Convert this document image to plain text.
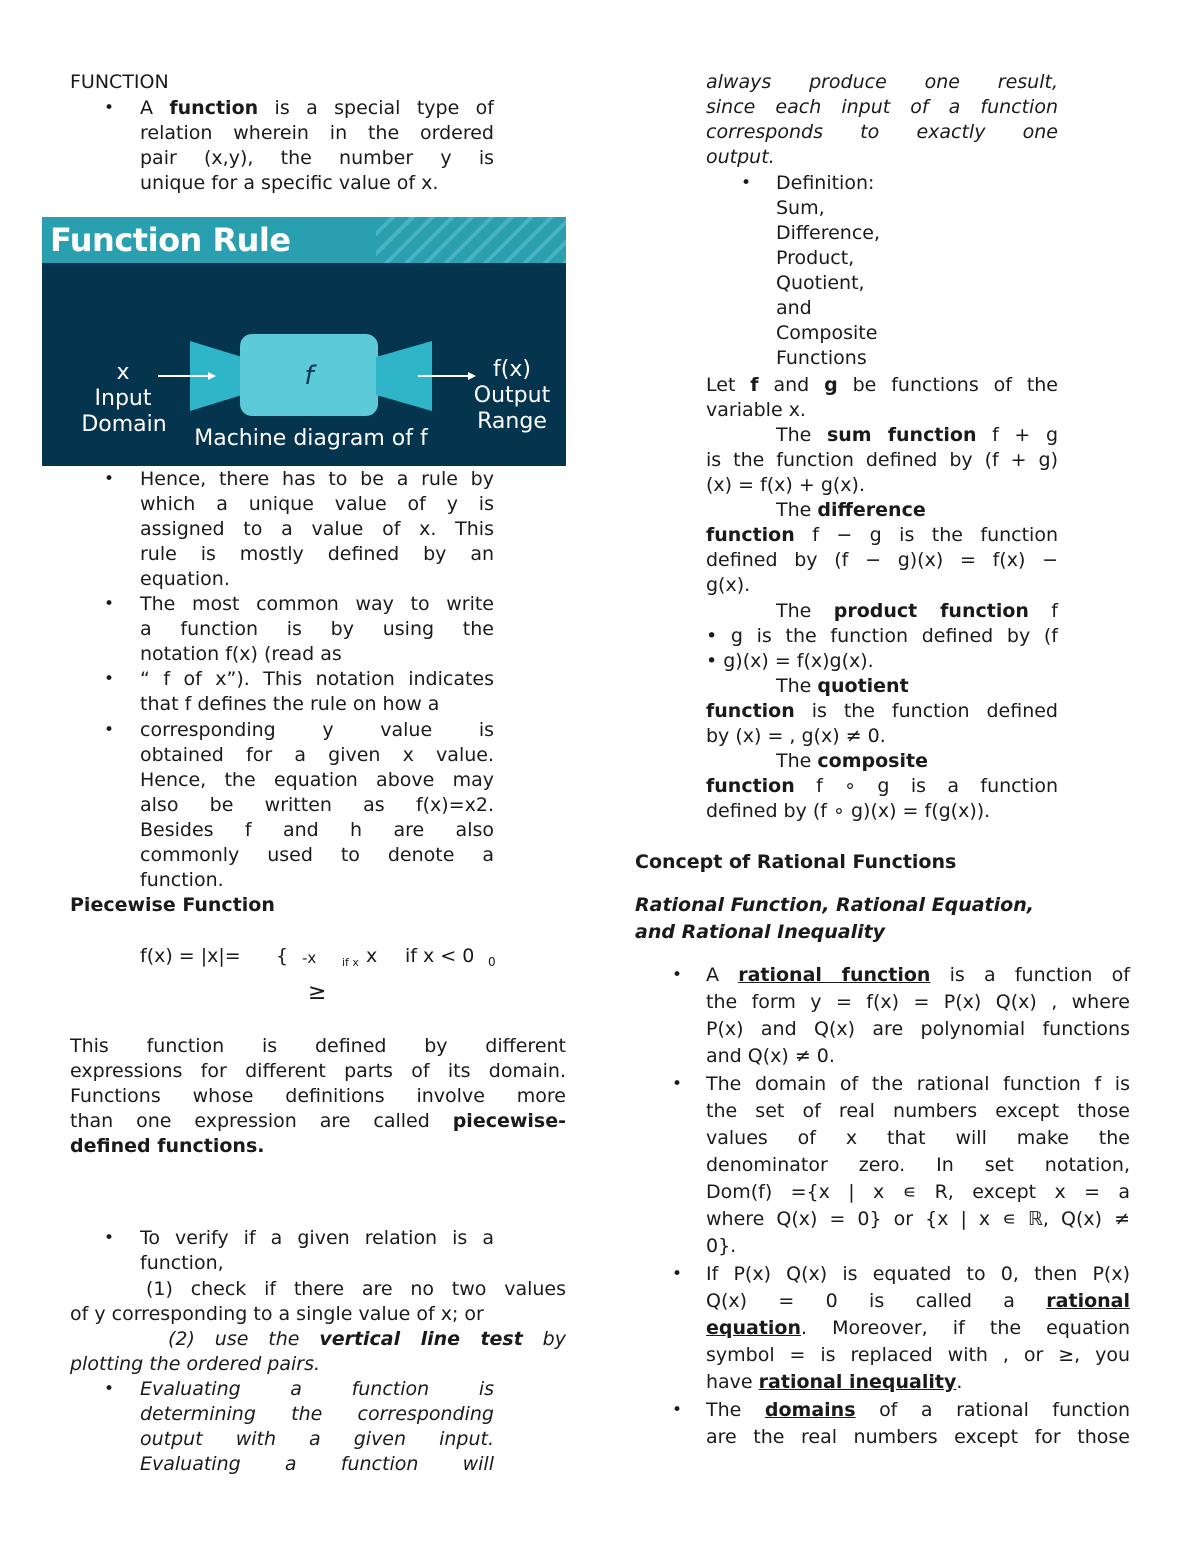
FUNCTION
• A function is a special type of
relation wherein in the ordered
pair (x,y), the number y is
unique for a specific value of x.
Function Rule
x
Input
Domain
f	f(x)
Output
Range
Machine diagram of f
• Hence, there has to be a rule by
which a unique value of y is
assigned to a value of x. This
rule is mostly defined by an
equation.
• The most common way to write
a function is by using the
notation f(x) (read as
• “ f of x”). This notation indicates
that f defines the rule on how a
• corresponding y value is
obtained for a given x value.
Hence, the equation above may
also be written as f(x)=x2.
Besides f and h are also
commonly used to denote a
function.
Piecewise Function
f(x) = |x|= { -x if x x if x < 0 0
≥
This function is defined by different
expressions for different parts of its domain.
Functions whose definitions involve more
than one expression are called piecewise-
defined functions.
• To verify if a given relation is a
function,
(1) check if there are no two values
of y corresponding to a single value of x; or
(2) use the vertical line test by
plotting the ordered pairs.
• Evaluating a function is
determining the corresponding
output with a given input.
Evaluating a function will
always produce one result,
since each input of a function
corresponds to exactly one
output.
• Definition:
Sum,
Difference,
Product,
Quotient,
and
Composite
Functions
Let f and g be functions of the
variable x.
The sum function f + g
is the function defined by (f + g)
(x) = f(x) + g(x).
The difference
function f − g is the function
defined by (f − g)(x) = f(x) −
g(x).
The product function f
• g is the function defined by (f
• g)(x) = f(x)g(x).
The quotient
function is the function defined
by (x) = , g(x) ≠ 0.
The composite
function f ∘ g is a function
defined by (f ∘ g)(x) = f(g(x)).
Concept of Rational Functions
Rational Function, Rational Equation,
and Rational Inequality
• A rational function is a function of
the form y = f(x) = P(x) Q(x) , where
P(x) and Q(x) are polynomial functions
and Q(x) ≠ 0.
• The domain of the rational function f is
the set of real numbers except those
values of x that will make the
denominator zero. In set notation,
Dom(f) ={x | x ∊ R, except x = a
where Q(x) = 0} or {x | x ∊ ℝ, Q(x) ≠
0}.
• If P(x) Q(x) is equated to 0, then P(x)
Q(x) = 0 is called a rational
equation. Moreover, if the equation
symbol = is replaced with , or ≥, you
have rational inequality.
• The domains of a rational function
are the real numbers except for those
